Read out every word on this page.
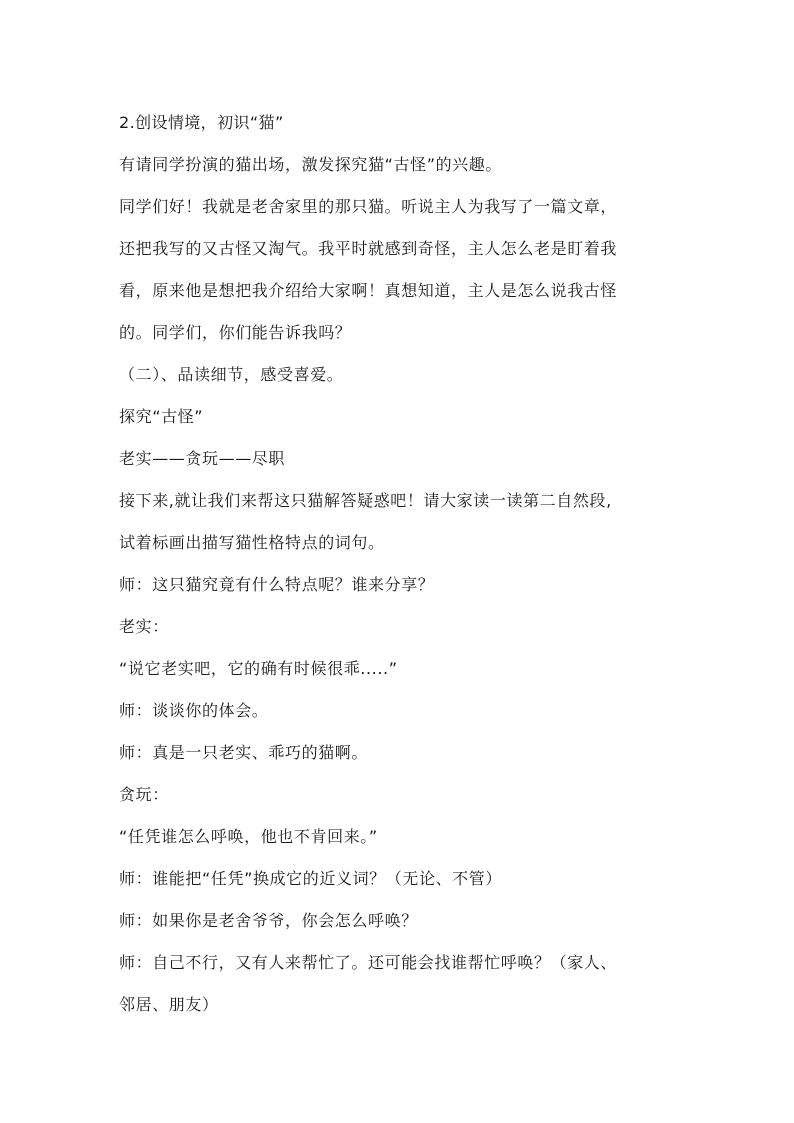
2.创设情境，初识“猫”
有请同学扮演的猫出场，激发探究猫“古怪”的兴趣。
同学们好！我就是老舍家里的那只猫。听说主人为我写了一篇文章，
还把我写的又古怪又淘气。我平时就感到奇怪，主人怎么老是盯着我
看，原来他是想把我介绍给大家啊！真想知道，主人是怎么说我古怪
的。同学们，你们能告诉我吗？
（二）、品读细节，感受喜爱。
探究“古怪”
老实——贪玩——尽职
接下来,就让我们来帮这只猫解答疑惑吧！请大家读一读第二自然段,
试着标画出描写猫性格特点的词句。
师：这只猫究竟有什么特点呢？谁来分享？
老实：
“说它老实吧，它的确有时候很乖.....”
师：谈谈你的体会。
师：真是一只老实、乖巧的猫啊。
贪玩：
“任凭谁怎么呼唤，他也不肯回来。”
师：谁能把“任凭”换成它的近义词？（无论、不管）
师：如果你是老舍爷爷，你会怎么呼唤？
师：自己不行，又有人来帮忙了。还可能会找谁帮忙呼唤？（家人、
邻居、朋友）
